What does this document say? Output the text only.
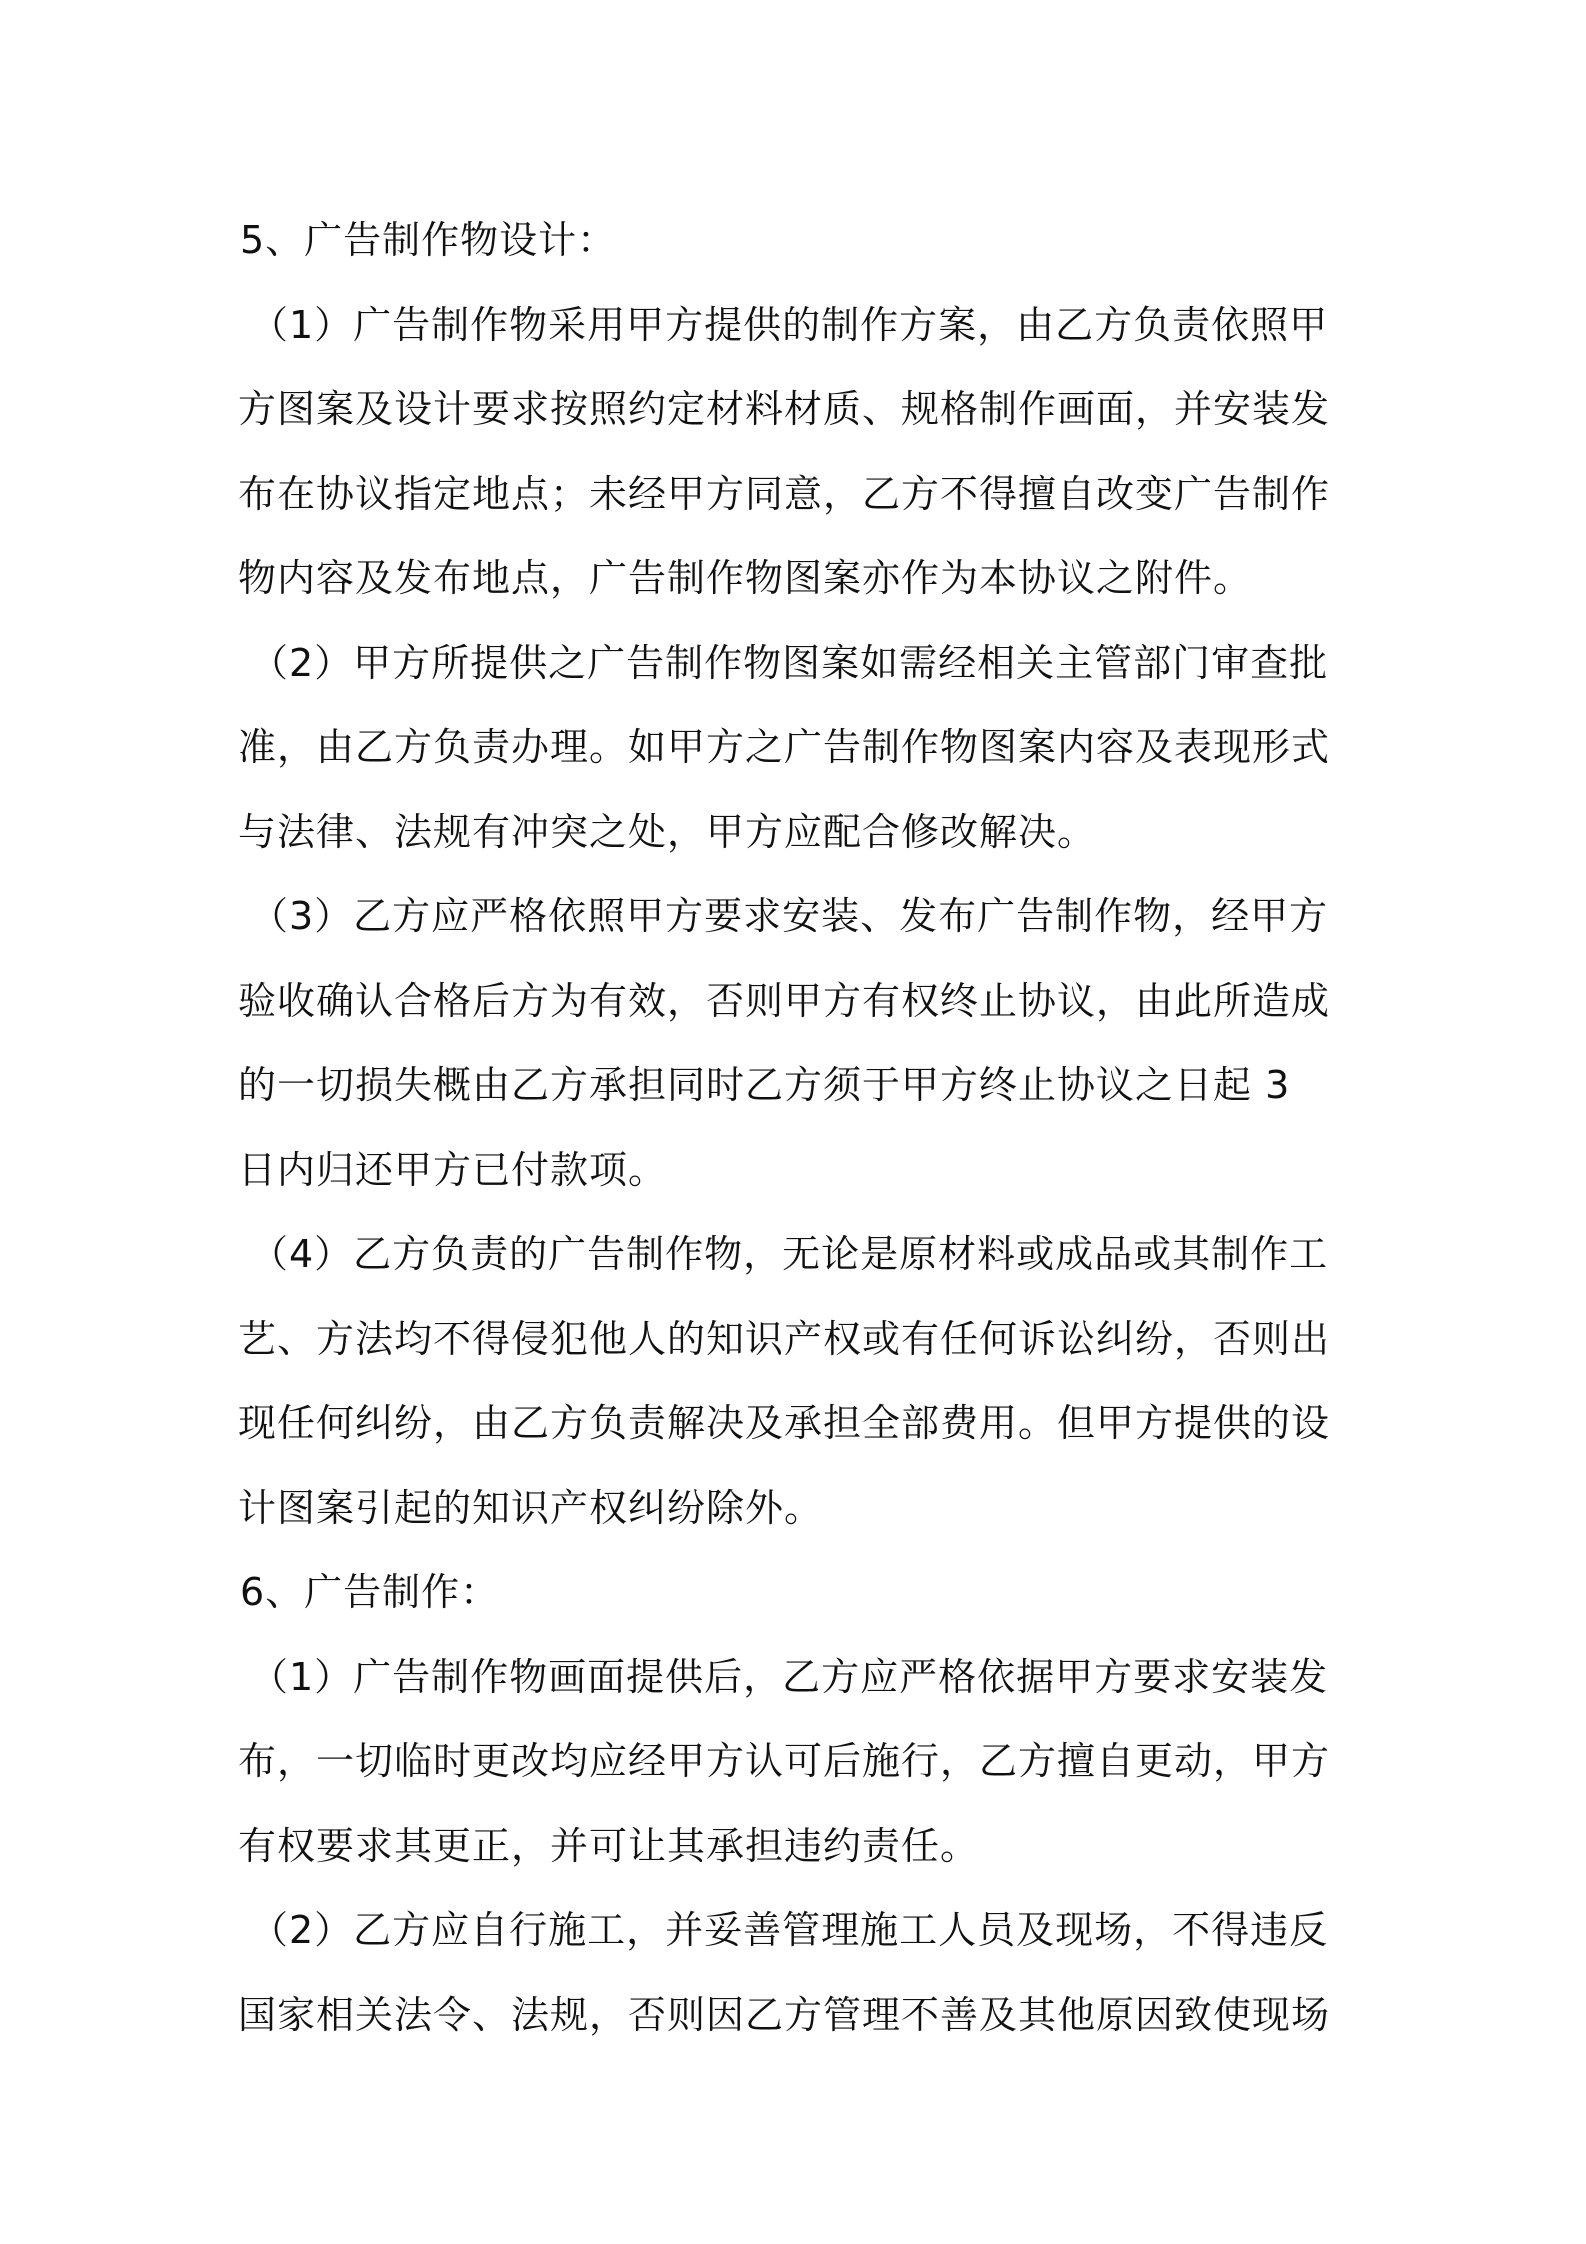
5、广告制作物设计：
（1）广告制作物采用甲方提供的制作方案，由乙方负责依照甲
方图案及设计要求按照约定材料材质、规格制作画面，并安装发
布在协议指定地点；未经甲方同意，乙方不得擅自改变广告制作
物内容及发布地点，广告制作物图案亦作为本协议之附件。
（2）甲方所提供之广告制作物图案如需经相关主管部门审查批
准，由乙方负责办理。如甲方之广告制作物图案内容及表现形式
与法律、法规有冲突之处，甲方应配合修改解决。
（3）乙方应严格依照甲方要求安装、发布广告制作物，经甲方
验收确认合格后方为有效，否则甲方有权终止协议，由此所造成
的一切损失概由乙方承担同时乙方须于甲方终止协议之日起 3
日内归还甲方已付款项。
（4）乙方负责的广告制作物，无论是原材料或成品或其制作工
艺、方法均不得侵犯他人的知识产权或有任何诉讼纠纷，否则出
现任何纠纷，由乙方负责解决及承担全部费用。但甲方提供的设
计图案引起的知识产权纠纷除外。
6、广告制作：
（1）广告制作物画面提供后，乙方应严格依据甲方要求安装发
布，一切临时更改均应经甲方认可后施行，乙方擅自更动，甲方
有权要求其更正，并可让其承担违约责任。
（2）乙方应自行施工，并妥善管理施工人员及现场，不得违反
国家相关法令、法规，否则因乙方管理不善及其他原因致使现场
